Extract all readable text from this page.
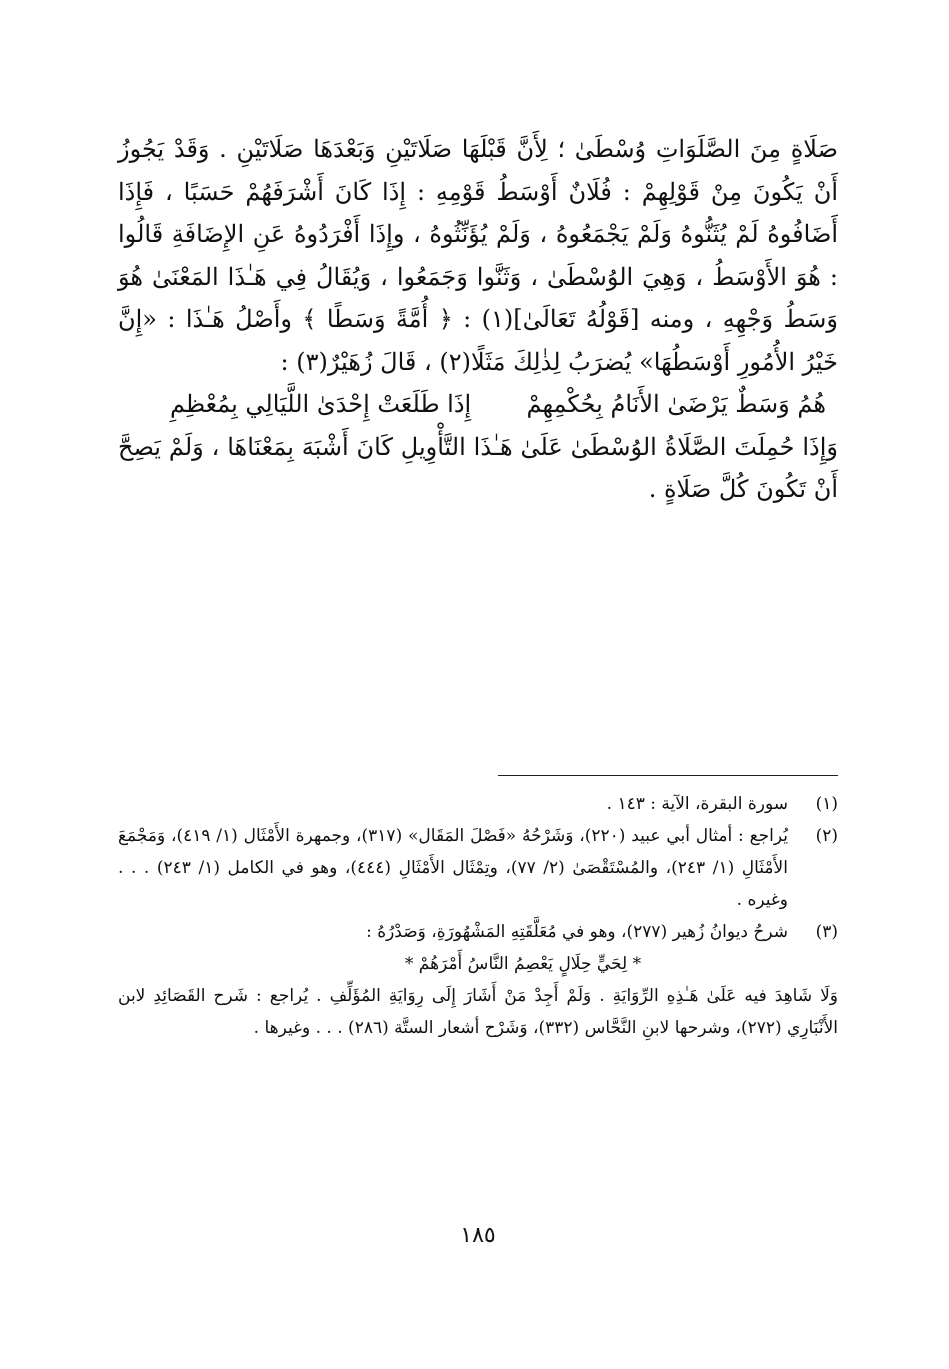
صَلَاةٍ مِنَ الصَّلَوَاتِ وُسْطَىٰ ؛ لِأَنَّ قَبْلَهَا صَلَاتَيْنِ وَبَعْدَهَا صَلَاتَيْنِ . وَقَدْ يَجُوزُ أَنْ يَكُونَ مِنْ قَوْلِهِمْ : فُلَانٌ أَوْسَطُ قَوْمِهِ : إِذَا كَانَ أَشْرَفَهُمْ حَسَبًا ، فَإِذَا أَضَافُوهُ لَمْ يُثَنُّوهُ وَلَمْ يَجْمَعُوهُ ، وَلَمْ يُؤَنِّثُوهُ ، وإِذَا أَفْرَدُوهُ عَنِ الإِضَافَةِ قَالُوا : هُوَ الأَوْسَطُ ، وَهِيَ الوُسْطَىٰ ، وَثَنَّوا وَجَمَعُوا ، وَيُقَالُ فِي هَـٰذَا المَعْنَىٰ هُوَ وَسَطُ وَجْهِهِ ، ومنه [قَوْلُهُ تَعَالَىٰ](١) : ﴿ أُمَّةً وَسَطًا ﴾ وأَصْلُ هَـٰذَا : «إِنَّ خَيْرُ الأُمُورِ أَوْسَطُهَا» يُضرَبُ لِذٰلِكَ مَثَلًا(٢) ، قَالَ زُهَيْرٌ(٣) :

هُمُ وَسَطٌ يَرْضَىٰ الأَنَامُ بِحُكْمِهِمْ
إِذَا طَلَعَتْ إِحْدَىٰ اللَّيَالِي بِمُعْظِمِ

وَإِذَا حُمِلَتَ الصَّلَاةُ الوُسْطَىٰ عَلَىٰ هَـٰذَا التَّأْوِيلِ كَانَ أَشْبَهَ بِمَعْنَاهَا ، وَلَمْ يَصِحَّ أَنْ تَكُونَ كُلَّ صَلَاةٍ .

(١)
سورة البقرة، الآية : ١٤٣ .
(٢)
يُراجع : أمثال أبي عبيد (٢٢٠)، وَشَرْحُهُ «فَصْلَ المَقَال» (٣١٧)، وجمهرة الأَمْثَال (١/ ٤١٩)، وَمَجْمَعَ الأَمْثَالِ (١/ ٢٤٣)، والمُسْتَقْصَىٰ (٢/ ٧٧)، وتِمْثَال الأَمْثَالِ (٤٤٤)، وهو في الكامل (١/ ٢٤٣) . . . وغيره .
(٣)
شرحُ ديوانُ زُهير (٢٧٧)، وهو في مُعَلَّقَتِهِ المَشْهُورَةِ، وَصَدْرُهُ :
* لِحَيٍّ حِلَالٍ يَعْصِمُ النَّاسُ أَمْرَهُمْ *
وَلَا شَاهِدَ فيه عَلَىٰ هَـٰذِهِ الرِّوَايَةِ . وَلَمْ أَجِدْ مَنْ أَشَارَ إِلَى رِوَايَةِ المُؤَلِّفِ . يُراجع : شَرح القَصَائِدِ لابن الأَنْبَارِي (٢٧٢)، وشرحها لابنِ النَّحَّاس (٣٣٢)، وَشَرْح أشعار الستَّة (٢٨٦) . . . وغيرها .
١٨٥
